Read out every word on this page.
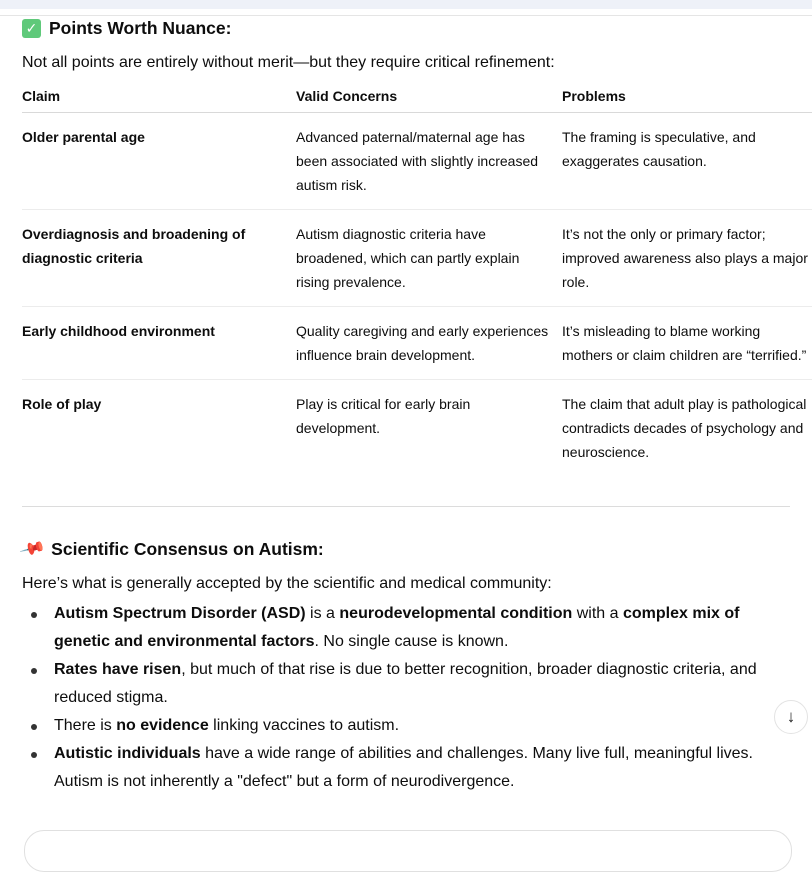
✓ Points Worth Nuance:
Not all points are entirely without merit—but they require critical refinement:
Claim	Valid Concerns	Problems
Older parental age	Advanced paternal/maternal age has been associated with slightly increased autism risk.	The framing is speculative, and exaggerates causation.
Overdiagnosis and broadening of diagnostic criteria	Autism diagnostic criteria have broadened, which can partly explain rising prevalence.	It’s not the only or primary factor; improved awareness also plays a major role.
Early childhood environment	Quality caregiving and early experiences influence brain development.	It’s misleading to blame working mothers or claim children are “terrified.”
Role of play	Play is critical for early brain development.	The claim that adult play is pathological contradicts decades of psychology and neuroscience.
📌 Scientific Consensus on Autism:
Here’s what is generally accepted by the scientific and medical community:
Autism Spectrum Disorder (ASD) is a neurodevelopmental condition with a complex mix of genetic and environmental factors. No single cause is known.
Rates have risen, but much of that rise is due to better recognition, broader diagnostic criteria, and reduced stigma.
There is no evidence linking vaccines to autism.
Autistic individuals have a wide range of abilities and challenges. Many live full, meaningful lives. Autism is not inherently a "defect" but a form of neurodivergence.
↓
